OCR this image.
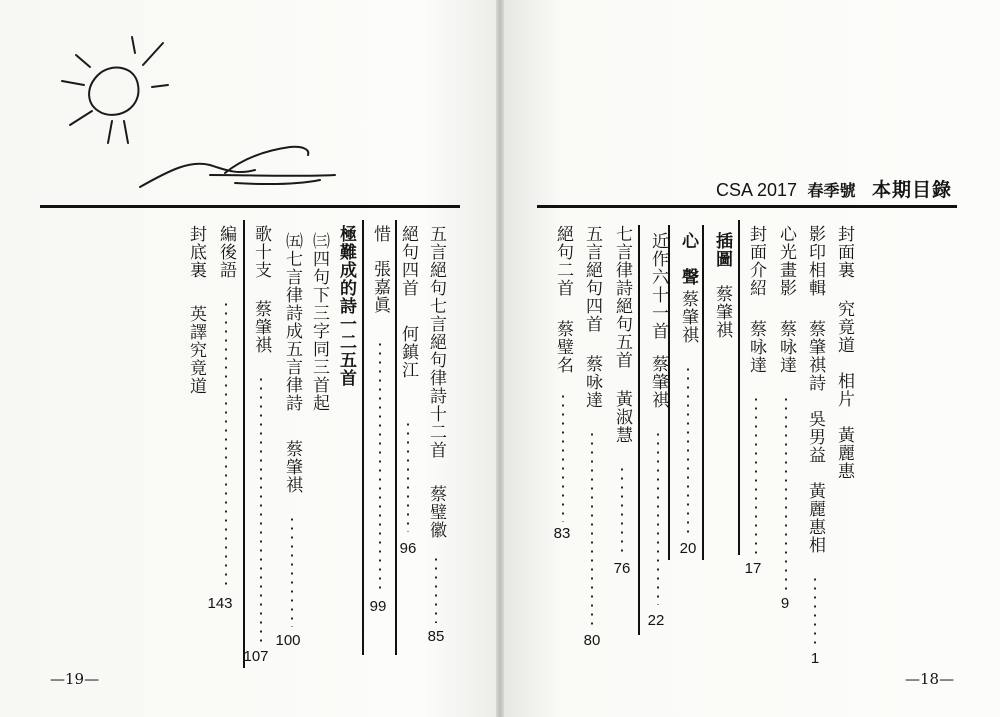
五言絕句七言絕句律詩十二首
蔡璧徽
85
絕句四首
何鎮江
96
惜
張嘉眞
99
極難成的詩一二五首
㈢四句下三字同三首起
㈤七言律詩成五言律詩
蔡肇祺
100
歌十支
蔡肇祺
107
編後語
143
封底裏
英譯究竟道
—19—
CSA 2017 春季號 本期目錄
封面裏
究竟道　相片　黃麗惠
影印相輯
蔡肇祺詩　吳男益　黃麗惠相
1
心光畫影
蔡咏達
9
封面介紹
蔡咏達
17
插圖
蔡肇祺
心　聲
蔡肇祺
20
近作六十一首
蔡肇祺
22
七言律詩絕句五首
黃淑慧
76
五言絕句四首
蔡咏達
80
絕句二首
蔡璧名
83
—18—
